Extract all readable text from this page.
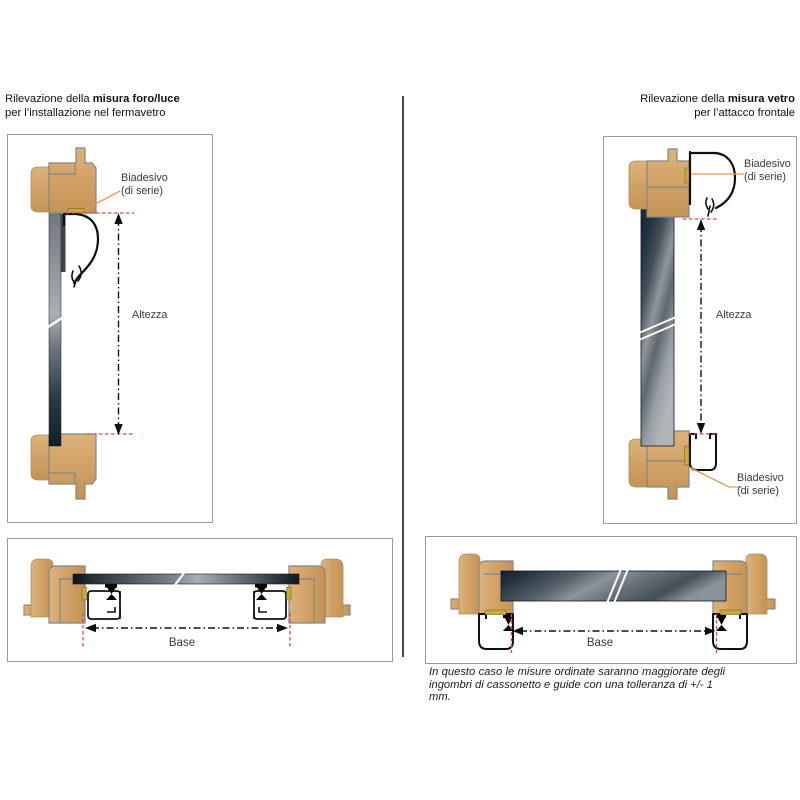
Rilevazione della misura foro/luce
per l’installazione nel fermavetro
Rilevazione della misura vetro
per l’attacco frontale
Biadesivo
(di serie)
Altezza
Base
Biadesivo
(di serie)
Altezza
Biadesivo
(di serie)
Base
In questo caso le misure ordinate saranno maggiorate degli
ingombri di cassonetto e guide con una tolleranza di +/- 1 mm.
